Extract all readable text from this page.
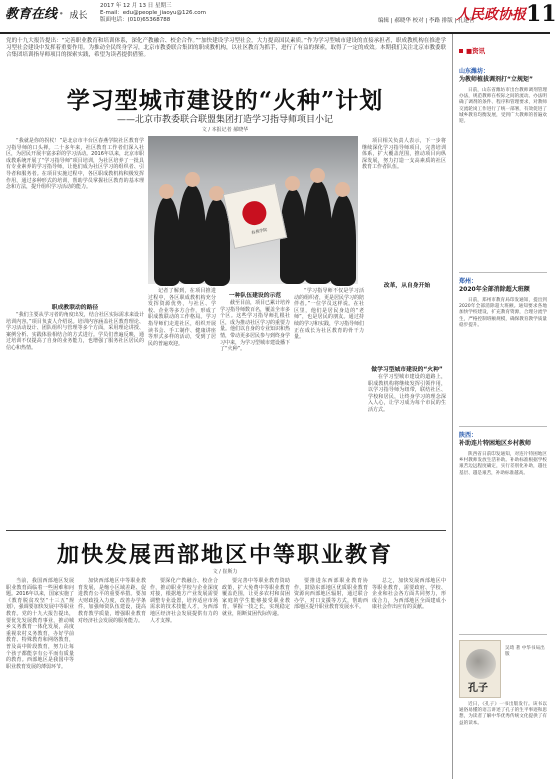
教育在线 · 成长
2017 年 12 月 13 日 星期三
E-mail：edu@people_jiaoyu@126.com
版面电话：(010)65368788	编辑 | 郝晓华 校对 | 李路 排版 | 孔建营
人民政协报 11
党的十九大报告提出：“完善职业教育和培训体系，深化产教融合、校企合作。”“加快建设学习型社会，大力提高国民素质。”作为学习型城市建设的直接承担者，职成教机构在推进学习型社会建设中发挥着重要作用。为推动全民终身学习，北京市教委联合集团的职成教机构，以社区教育为抓手，进行了有益的探索，取得了一定的成效。本期我们关注北京市教委联合集团培训指导师项目的探索实践，希望为读者提供借鉴。
学习型城市建设的“火种”计划
——北京市教委联合联盟集团打造学习指导师项目小记
文 / 本报记者 郝晓华
“我就是你的拐杖！”是北京市丰台区春燕学院社区教育学习指导师的口头禅。二十多年来，社区教育工作者们深入社区，为居民开展丰富多彩的学习活动。2016年以来，北京市职成教系统开展了“学习指导师”项目培训，为社区培养了一批具有专业素养的学习指导师，让他们成为社区学习的组织者、引导者和服务者。在项目实施过程中，各区职成教机构积极发挥作用，通过多种形式的培训，帮助学员掌握社区教育的基本理念和方法，提升组织学习活动的能力。
职成教联动的路径
“我们主要从学习者的角度出发，结合社区实际需求来设计培训内容。”项目负责人介绍说。培训内容涵盖社区教育理论、学习活动设计、团队组织与管理等多个方面，采用理论讲授、案例分析、实践体验相结合的方式进行。学员们普遍反映，通过培训不仅提高了自身的业务能力，也增强了服务社区居民的信心和热情。
春燕学院
记者了解到，在项目推进过程中，各区职成教机构充分发挥资源优势，与社区、学校、企业等多方合作，形成了职成教联动的工作格局。学习指导师们走进社区，组织开展读书会、手工制作、健康讲座等形式多样的活动，受到了居民的普遍欢迎。
一种队伍建设的示范
截至目前，项目已累计培养学习指导师数百名，覆盖全市多个区。这些学习指导师扎根社区，成为推动社区学习的重要力量。他们以自身的专业知识和热情，带动更多居民参与到终身学习中来，为学习型城市建设播下了“火种”。
“学习指导师不仅是学习活动的组织者，更是居民学习的陪伴者。”一位学员这样说。在社区里，他们是居民身边的“老师”，也是居民的朋友。通过持续的学习和实践，学习指导师们正在成长为社区教育的骨干力量。
项目相关负责人表示，下一步将继续深化学习指导师项目，完善培训体系，扩大覆盖范围，推动项目向纵深发展，努力打造一支高素质的社区教育工作者队伍。
改革，从自身开始
做学习型城市建设的“火种”
在学习型城市建设的道路上，职成教机构将继续发挥引领作用，以学习指导师为纽带，联结社区、学校和居民，让终身学习的理念深入人心，让学习成为每个市民的生活方式。
加快发展西部地区中等职业教育
文 / 崔斯力
当前，我国西部地区发展职业教育面临着一些困难和问题。2016年以来，国家实施了《教育脱贫攻坚“十三五”规划》，强调要加快发展中等职业教育。党的十九大报告提出，要优先发展教育事业，推动城乡义务教育一体化发展，高度重视农村义务教育，办好学前教育、特殊教育和网络教育，普及高中阶段教育，努力让每个孩子都能享有公平而有质量的教育。西部地区是我国中等职业教育发展的薄弱环节。
加快西部地区中等职业教育发展，是缩小区域差距、促进教育公平的重要举措。要加大财政投入力度，改善办学条件，加强师资队伍建设，提高教育教学质量，增强职业教育对经济社会发展的服务能力。
要深化产教融合、校企合作，推动职业学校与企业深度对接，根据地方产业发展需要调整专业设置，培养适应市场需求的技术技能人才，为西部地区经济社会发展提供有力的人才支撑。
要完善中等职业教育资助政策，扩大免费中等职业教育覆盖范围，让更多农村和贫困家庭的学生能够接受职业教育，掌握一技之长，实现稳定就业，阻断贫困代际传递。
要推进东西部职业教育协作，鼓励东部地区优质职业教育资源向西部地区辐射，通过联合办学、对口支援等方式，帮助西部地区提升职业教育发展水平。
总之，加快发展西部地区中等职业教育，需要政府、学校、企业和社会各方面共同努力，形成合力，为西部地区全面建成小康社会作出应有的贡献。
■资讯
山东潍坊：
为教师植拔调剂打“立规矩”
日前，山东省潍坊市出台教师调剂管理办法，规范教师在校际之间的流动。办法明确了调剂的条件、程序和管理要求，对教师交流轮岗工作进行了统一部署，有效促进了城乡教育均衡发展，受到广大教师的普遍欢迎。
郑州：
2020年全部消除超大班额
日前，郑州市教育局印发通知，提出到2020年全部消除超大班额。通知要求各地加快学校建设，扩充教育资源，合理分流学生，严格控制班额规模，确保教育教学质量稳步提升。
陕西：
补助连片特困地区乡村教师
陕西省日前印发通知，对连片特困地区乡村教师发放生活补助。补助标准根据学校艰苦边远程度确定，实行差别化补助，越往基层、越是艰苦，补助标准越高。
孔子
吴琦 著 中华书局出版
近日，《孔子》一书出版发行。该书以通俗易懂的语言讲述了孔子的生平事迹和思想，为读者了解中华优秀传统文化提供了有益的读本。
